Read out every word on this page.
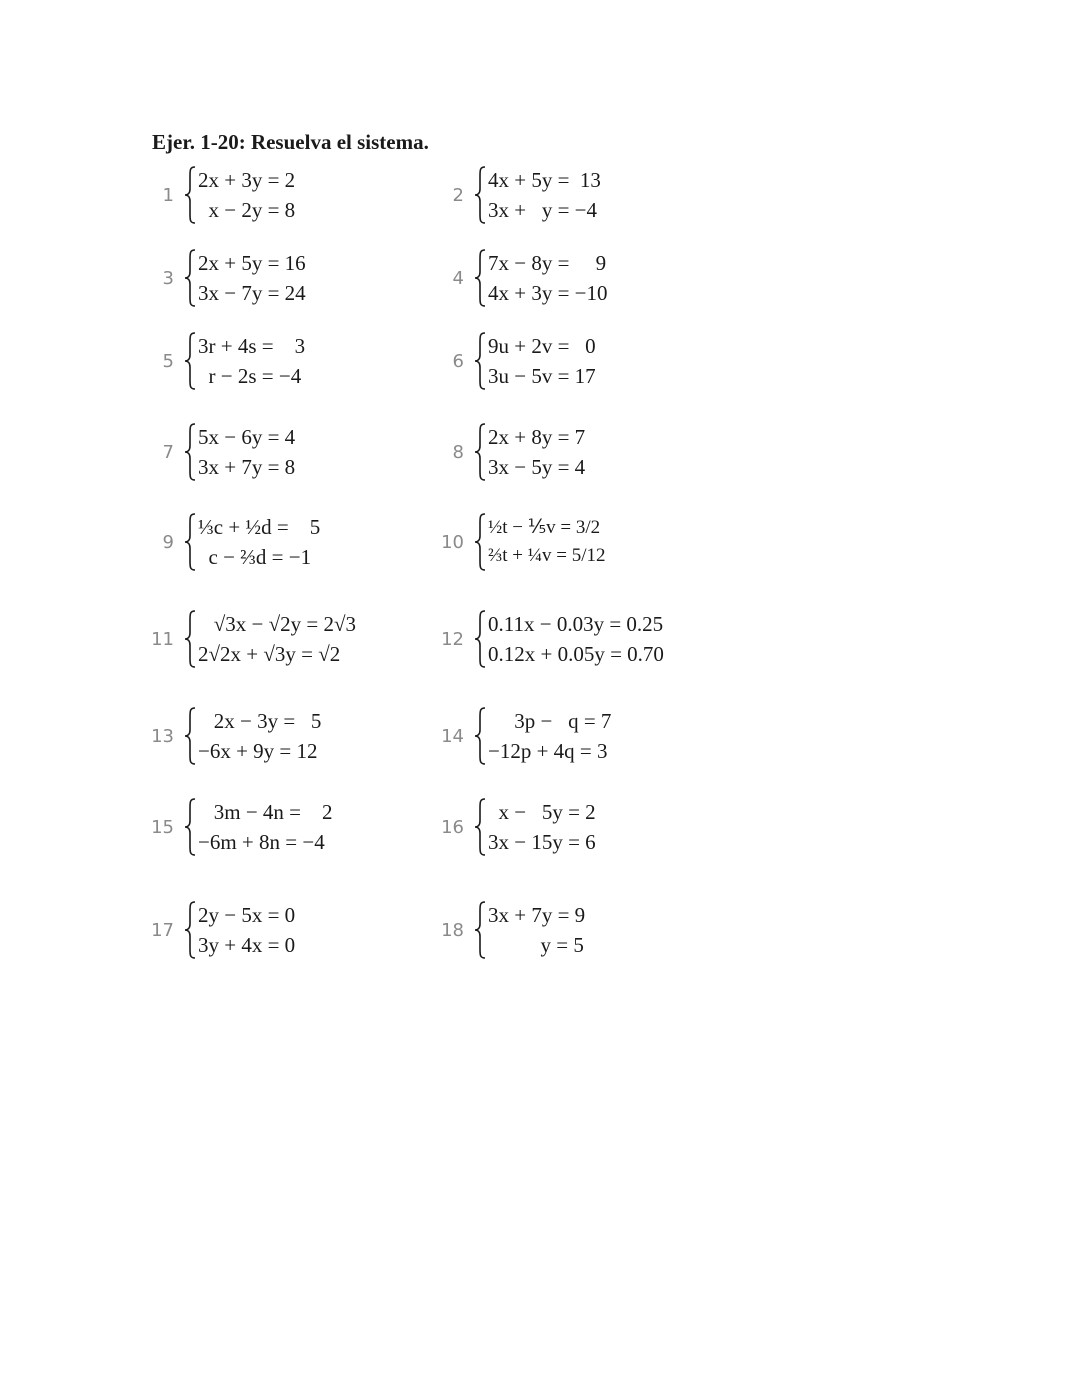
Ejer. 1-20: Resuelva el sistema.
1
2x + 3y = 2
x − 2y = 8
2
4x + 5y =  13
3x +   y = −4
3
2x + 5y = 16
3x − 7y = 24
4
7x − 8y =     9
4x + 3y = −10
5
3r + 4s =    3
r − 2s = −4
6
9u + 2v =   0
3u − 5v = 17
7
5x − 6y = 4
3x + 7y = 8
8
2x + 8y = 7
3x − 5y = 4
9
⅓c + ½d =    5
c − ⅔d = −1
10
½t − ⅕v = 3/2
⅔t + ¼v = 5/12
11
√3x − √2y = 2√3
2√2x + √3y = √2
12
0.11x − 0.03y = 0.25
0.12x + 0.05y = 0.70
13
2x − 3y =   5
−6x + 9y = 12
14
3p −   q = 7
−12p + 4q = 3
15
3m − 4n =    2
−6m + 8n = −4
16
x −   5y = 2
3x − 15y = 6
17
2y − 5x = 0
3y + 4x = 0
18
3x + 7y = 9
y = 5
